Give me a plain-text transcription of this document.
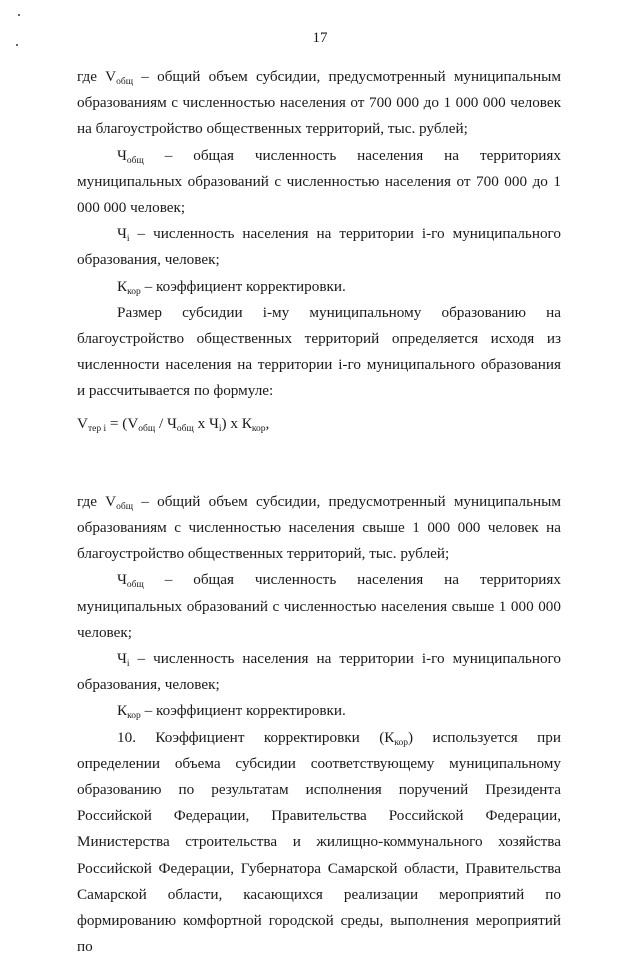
17

где $V_{общ}$ – общий объем субсидии, предусмотренный муниципальным образованиям с численностью населения от 700 000 до 1 000 000 человек на благоустройство общественных территорий, тыс. рублей;

$Ч_{общ}$ – общая численность населения на территориях муниципальных образований с численностью населения от 700 000 до 1 000 000 человек;

$Ч_i$ – численность населения на территории i-го муниципального образования, человек;

$К_{кор}$ – коэффициент корректировки.

Размер субсидии i-му муниципальному образованию на благоустройство общественных территорий определяется исходя из численности населения на территории i-го муниципального образования и рассчитывается по формуле:

$V_{тер i} = (V_{общ} / Ч_{общ}$ х $Ч_i$) х $К_{кор}$,

где $V_{общ}$ – общий объем субсидии, предусмотренный муниципальным образованиям с численностью населения свыше 1 000 000 человек на благоустройство общественных территорий, тыс. рублей;

$Ч_{общ}$ – общая численность населения на территориях муниципальных образований с численностью населения свыше 1 000 000 человек;

$Ч_i$ – численность населения на территории i-го муниципального образования, человек;

$К_{кор}$ – коэффициент корректировки.

10. Коэффициент корректировки $(К_{кор})$ используется при определении объема субсидии соответствующему муниципальному образованию по результатам исполнения поручений Президента Российской Федерации, Правительства Российской Федерации, Министерства строительства и жилищно-коммунального хозяйства Российской Федерации, Губернатора Самарской области, Правительства Самарской области, касающихся реализации мероприятий по формированию комфортной городской среды, выполнения мероприятий по
